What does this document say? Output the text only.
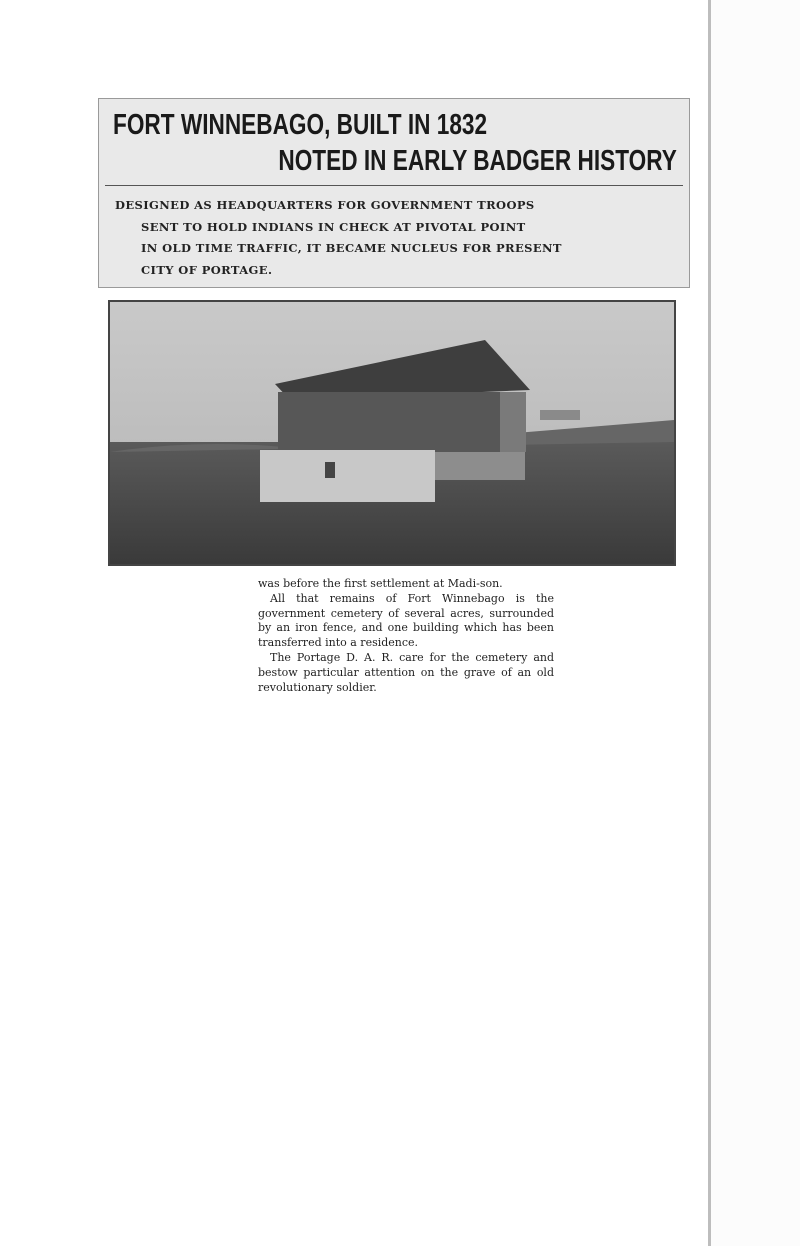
FORT WINNEBAGO, BUILT IN 1832
NOTED IN EARLY BADGER HISTORY
DESIGNED AS HEADQUARTERS FOR GOVERNMENT TROOPS
SENT TO HOLD INDIANS IN CHECK AT PIVOTAL POINT
IN OLD TIME TRAFFIC, IT BECAME NUCLEUS FOR PRESENT
CITY OF PORTAGE.

was before the first settlement at Madi-son.

All that remains of Fort Winnebago is the government cemetery of several acres, surrounded by an iron fence, and one building which has been transferred into a residence.

The Portage D. A. R. care for the cemetery and bestow particular attention on the grave of an old revolutionary soldier.
